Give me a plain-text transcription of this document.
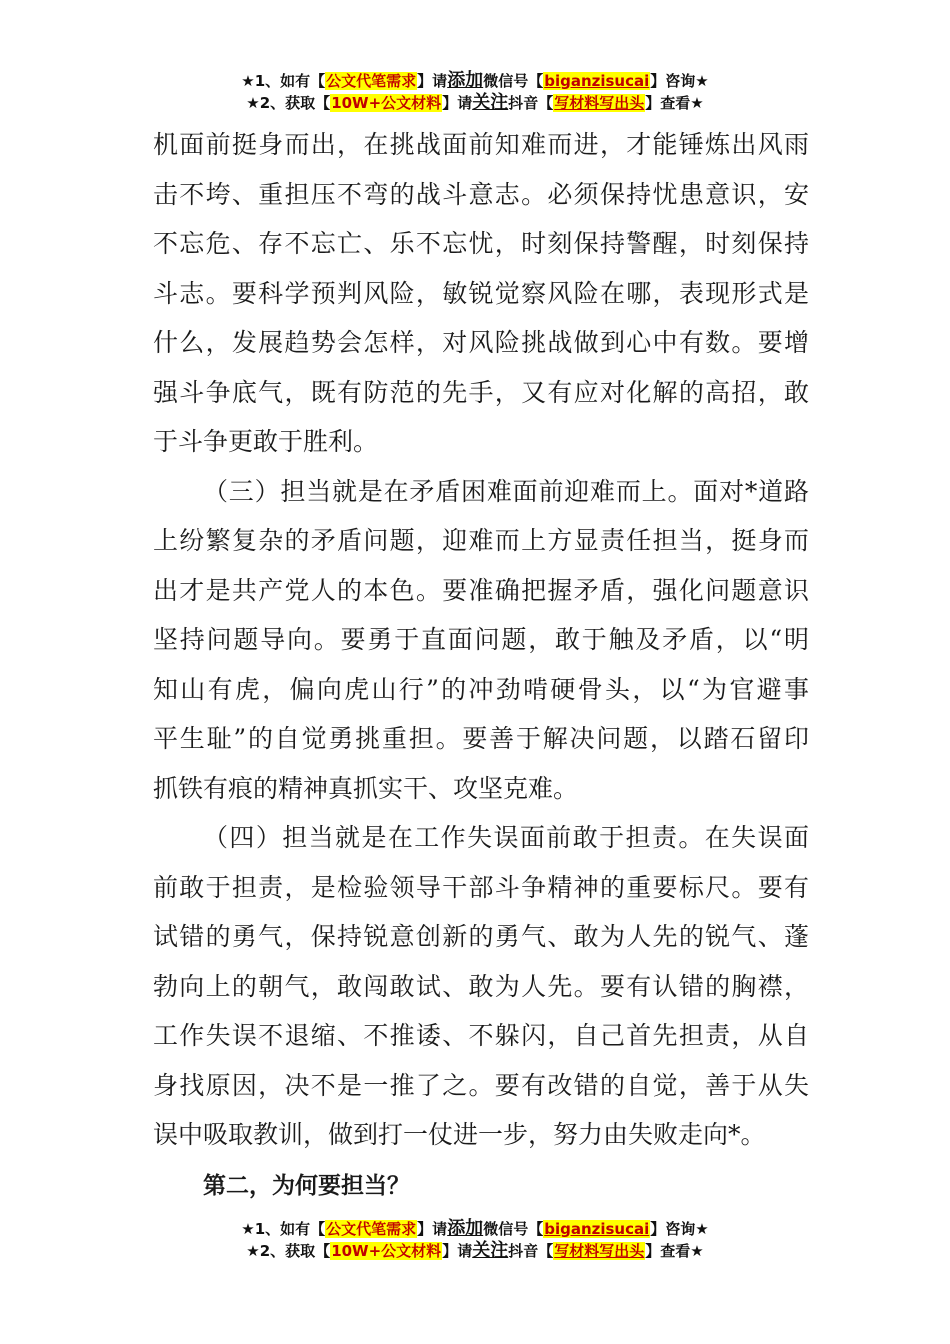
★1、如有【公文代笔需求】请添加微信号【biganzisucai】咨询★
★2、获取【10W+公文材料】请关注抖音【写材料写出头】查看★
机面前挺身而出，在挑战面前知难而进，才能锤炼出风雨
击不垮、重担压不弯的战斗意志。必须保持忧患意识，安
不忘危、存不忘亡、乐不忘忧，时刻保持警醒，时刻保持
斗志。要科学预判风险，敏锐觉察风险在哪，表现形式是
什么，发展趋势会怎样，对风险挑战做到心中有数。要增
强斗争底气，既有防范的先手，又有应对化解的高招，敢
于斗争更敢于胜利。
（三）担当就是在矛盾困难面前迎难而上。面对*道路
上纷繁复杂的矛盾问题，迎难而上方显责任担当，挺身而
出才是共产党人的本色。要准确把握矛盾，强化问题意识
坚持问题导向。要勇于直面问题，敢于触及矛盾，以“明
知山有虎，偏向虎山行”的冲劲啃硬骨头，以“为官避事
平生耻”的自觉勇挑重担。要善于解决问题，以踏石留印
抓铁有痕的精神真抓实干、攻坚克难。
（四）担当就是在工作失误面前敢于担责。在失误面
前敢于担责，是检验领导干部斗争精神的重要标尺。要有
试错的勇气，保持锐意创新的勇气、敢为人先的锐气、蓬
勃向上的朝气，敢闯敢试、敢为人先。要有认错的胸襟，
工作失误不退缩、不推诿、不躲闪，自己首先担责，从自
身找原因，决不是一推了之。要有改错的自觉，善于从失
误中吸取教训，做到打一仗进一步，努力由失败走向*。
第二，为何要担当？
★1、如有【公文代笔需求】请添加微信号【biganzisucai】咨询★
★2、获取【10W+公文材料】请关注抖音【写材料写出头】查看★
